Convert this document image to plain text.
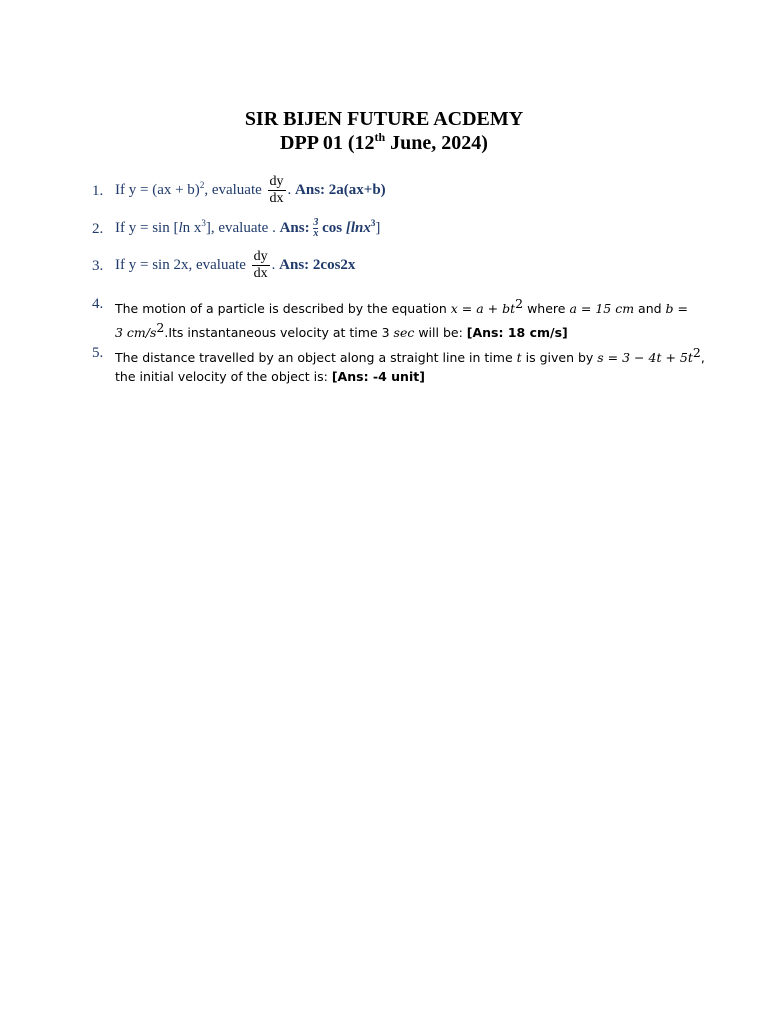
SIR BIJEN FUTURE ACDEMY
DPP 01 (12th June, 2024)
1. If y = (ax + b)$^2$, evaluate $\frac{dy}{dx}$ . Ans: 2a(ax+b)
2. If y = sin [ln $x^3$], evaluate . Ans: $\frac{3}{x}$ cos [lnx$^3$]
3. If y = sin 2x, evaluate $\frac{dy}{dx}$ . Ans: 2cos2x
4. The motion of a particle is described by the equation $x = a + bt^2$ where a = 15 cm and b =
3 $cm/s^2.Its$ instantaneous velocity at time 3 sec will be: [Ans: 18 cm/s]
5. The distance travelled by an object along a straight line in time t is given by $s = 3 - 4t + 5t^2$,
the initial velocity of the object is: [Ans: -4 unit]
